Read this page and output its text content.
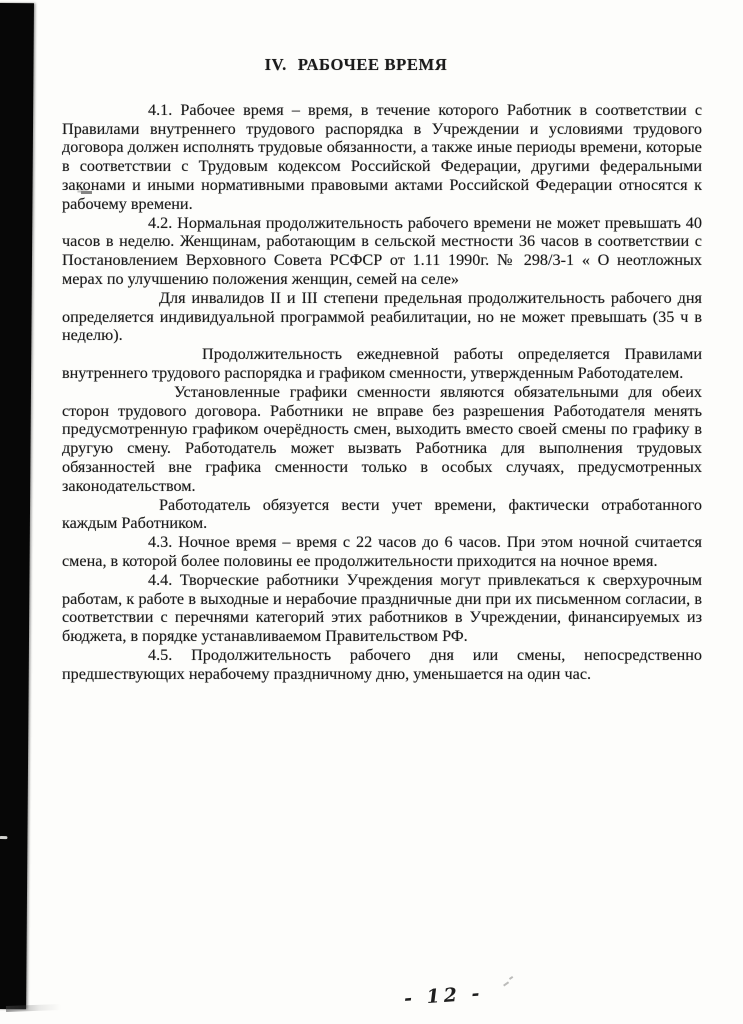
IV. РАБОЧЕЕ ВРЕМЯ

4.1. Рабочее время – время, в течение которого Работник в соответствии с Правилами внутреннего трудового распорядка в Учреждении и условиями трудового договора должен исполнять трудовые обязанности, а также иные периоды времени, которые в соответствии с Трудовым кодексом Российской Федерации, другими федеральными законами и иными нормативными правовыми актами Российской Федерации относятся к рабочему времени.

4.2. Нормальная продолжительность рабочего времени не может превышать 40 часов в неделю. Женщинам, работающим в сельской местности 36 часов в соответствии с Постановлением Верховного Совета РСФСР от 1.11 1990г. № 298/3-1 « О неотложных мерах по улучшению положения женщин, семей на селе»

Для инвалидов II и III степени предельная продолжительность рабочего дня определяется индивидуальной программой реабилитации, но не может превышать (35 ч в неделю).

Продолжительность ежедневной работы определяется Правилами внутреннего трудового распорядка и графиком сменности, утвержденным Работодателем.

Установленные графики сменности являются обязательными для обеих сторон трудового договора. Работники не вправе без разрешения Работодателя менять предусмотренную графиком очерёдность смен, выходить вместо своей смены по графику в другую смену. Работодатель может вызвать Работника для выполнения трудовых обязанностей вне графика сменности только в особых случаях, предусмотренных законодательством.

Работодатель обязуется вести учет времени, фактически отработанного каждым Работником.

4.3. Ночное время – время с 22 часов до 6 часов. При этом ночной считается смена, в которой более половины ее продолжительности приходится на ночное время.

4.4. Творческие работники Учреждения могут привлекаться к сверхурочным работам, к работе в выходные и нерабочие праздничные дни при их письменном согласии, в соответствии с перечнями категорий этих работников в Учреждении, финансируемых из бюджета, в порядке устанавливаемом Правительством РФ.

4.5. Продолжительность рабочего дня или смены, непосредственно предшествующих нерабочему праздничному дню, уменьшается на один час.

- 12 -
